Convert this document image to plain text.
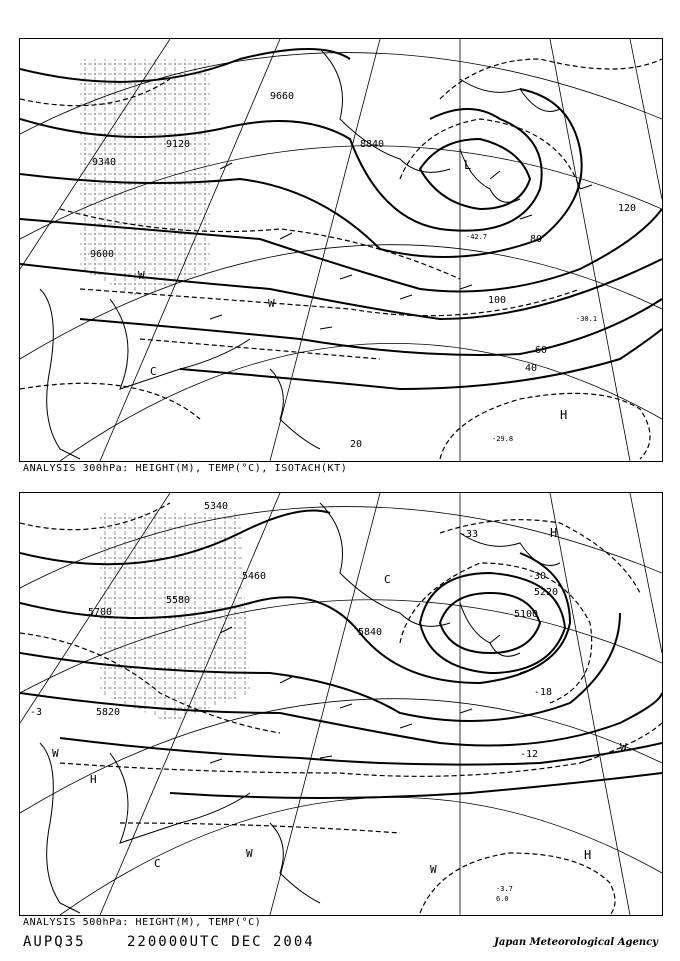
9120
9340
9600
9660
8840
20
40
60
80
100
120
-29.8
-30.1
-42.7
L
H
W
C
W
ANALYSIS 300hPa: HEIGHT(M), TEMP(°C), ISOTACH(KT)
5340
5460
5580
5700
5820
5840
5100
5220
-3
-12
-18
-30
-33
-3.7
6.0
H
W
H
C
W
W
H
W
C
ANALYSIS 500hPa: HEIGHT(M), TEMP(°C)
AUPQ35	220000UTC DEC 2004	Japan Meteorological Agency
